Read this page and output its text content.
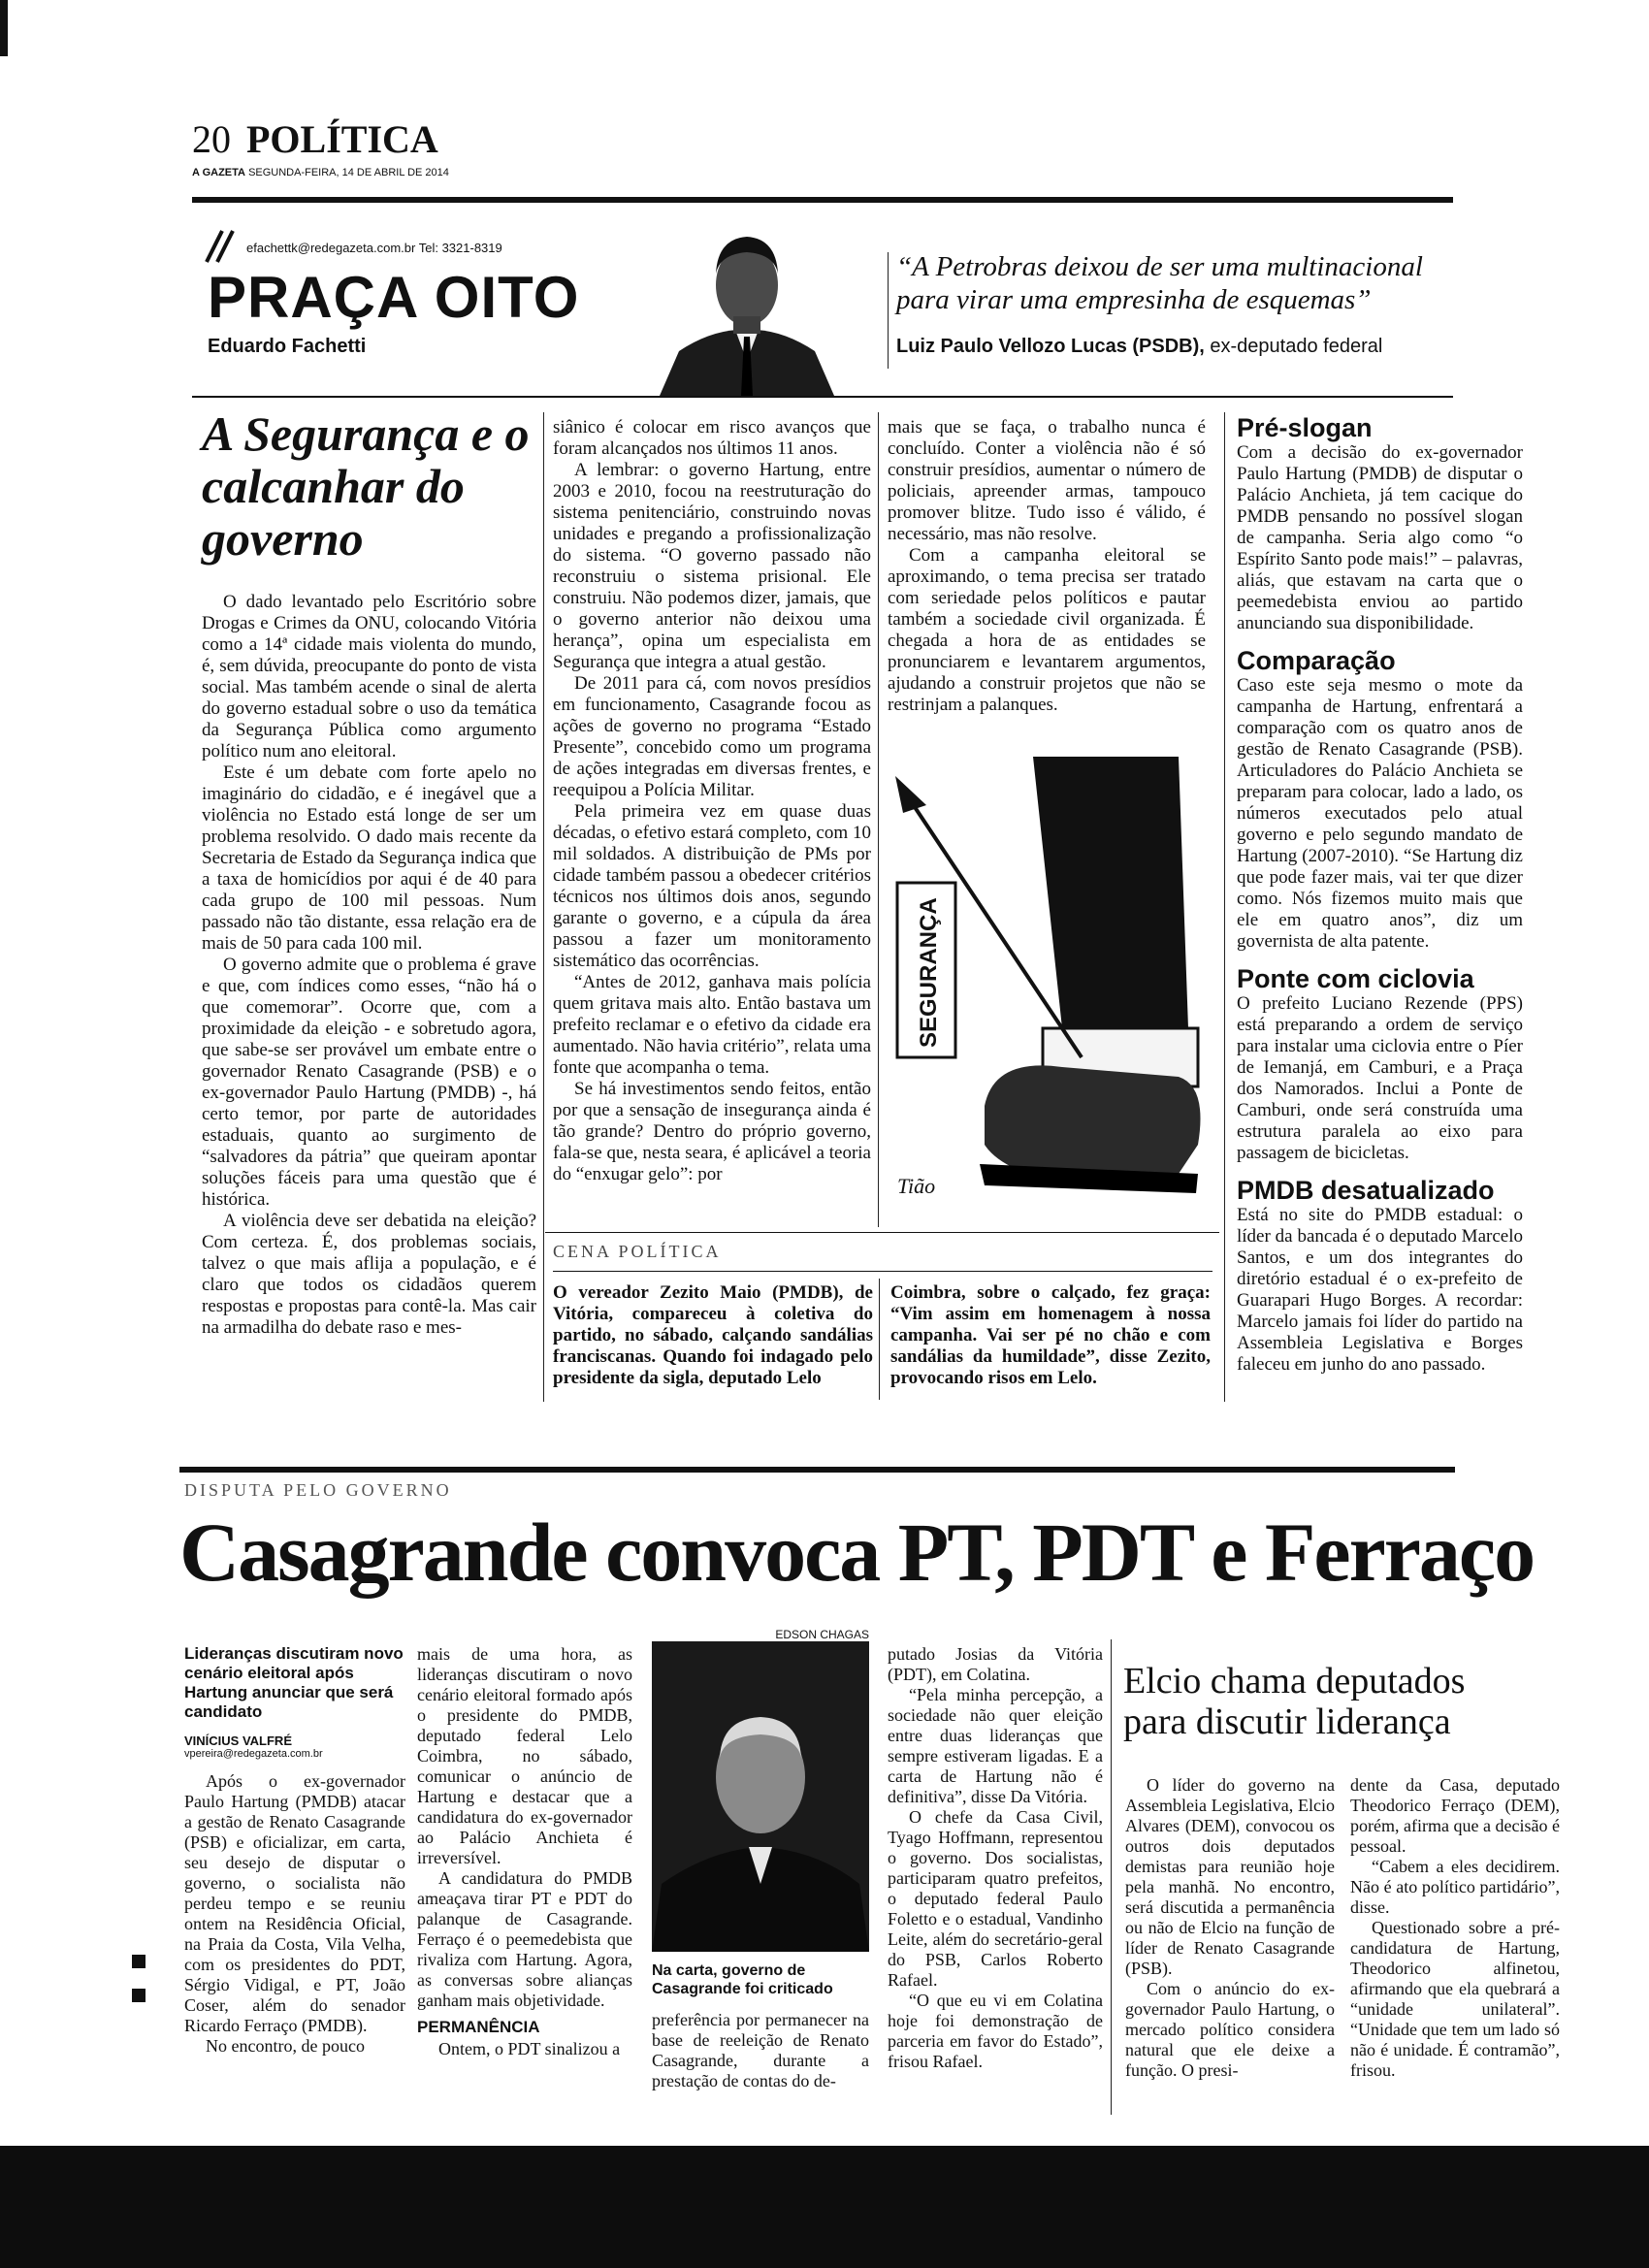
20 POLÍTICA
A GAZETA SEGUNDA-FEIRA, 14 DE ABRIL DE 2014
efachettk@redegazeta.com.br Tel: 3321-8319
PRAÇA OITO
Eduardo Fachetti
“A Petrobras deixou de ser uma multinacional para virar uma empresinha de esquemas”
Luiz Paulo Vellozo Lucas (PSDB), ex-deputado federal
A Segurança e o calcanhar do governo

O dado levantado pelo Escritório sobre Drogas e Crimes da ONU, colocando Vitória como a 14ª cidade mais violenta do mundo, é, sem dúvida, preocupante do ponto de vista social. Mas também acende o sinal de alerta do governo estadual sobre o uso da temática da Segurança Pública como argumento político num ano eleitoral.

Este é um debate com forte apelo no imaginário do cidadão, e é inegável que a violência no Estado está longe de ser um problema resolvido. O dado mais recente da Secretaria de Estado da Segurança indica que a taxa de homicídios por aqui é de 40 para cada grupo de 100 mil pessoas. Num passado não tão distante, essa relação era de mais de 50 para cada 100 mil.

O governo admite que o problema é grave e que, com índices como esses, “não há o que comemorar”. Ocorre que, com a proximidade da eleição - e sobretudo agora, que sabe-se ser provável um embate entre o governador Renato Casagrande (PSB) e o ex-governador Paulo Hartung (PMDB) -, há certo temor, por parte de autoridades estaduais, quanto ao surgimento de “salvadores da pátria” que queiram apontar soluções fáceis para uma questão que é histórica.

A violência deve ser debatida na eleição? Com certeza. É, dos problemas sociais, talvez o que mais aflija a população, e é claro que todos os cidadãos querem respostas e propostas para contê-la. Mas cair na armadilha do debate raso e mes-

siânico é colocar em risco avanços que foram alcançados nos últimos 11 anos.

A lembrar: o governo Hartung, entre 2003 e 2010, focou na reestruturação do sistema penitenciário, construindo novas unidades e pregando a profissionalização do sistema. “O governo passado não reconstruiu o sistema prisional. Ele construiu. Não podemos dizer, jamais, que o governo anterior não deixou uma herança”, opina um especialista em Segurança que integra a atual gestão.

De 2011 para cá, com novos presídios em funcionamento, Casagrande focou as ações de governo no programa “Estado Presente”, concebido como um programa de ações integradas em diversas frentes, e reequipou a Polícia Militar.

Pela primeira vez em quase duas décadas, o efetivo estará completo, com 10 mil soldados. A distribuição de PMs por cidade também passou a obedecer critérios técnicos nos últimos dois anos, segundo garante o governo, e a cúpula da área passou a fazer um monitoramento sistemático das ocorrências.

“Antes de 2012, ganhava mais polícia quem gritava mais alto. Então bastava um prefeito reclamar e o efetivo da cidade era aumentado. Não havia critério”, relata uma fonte que acompanha o tema.

Se há investimentos sendo feitos, então por que a sensação de insegurança ainda é tão grande? Dentro do próprio governo, fala-se que, nesta seara, é aplicável a teoria do “enxugar gelo”: por

mais que se faça, o trabalho nunca é concluído. Conter a violência não é só construir presídios, aumentar o número de policiais, apreender armas, tampouco promover blitze. Tudo isso é válido, é necessário, mas não resolve.

Com a campanha eleitoral se aproximando, o tema precisa ser tratado com seriedade pelos políticos e pautar também a sociedade civil organizada. É chegada a hora de as entidades se pronunciarem e levantarem argumentos, ajudando a construir projetos que não se restrinjam a palanques.

SEGURANÇA
Tião

Pré-slogan

Com a decisão do ex-governador Paulo Hartung (PMDB) de disputar o Palácio Anchieta, já tem cacique do PMDB pensando no possível slogan de campanha. Seria algo como “o Espírito Santo pode mais!” – palavras, aliás, que estavam na carta que o peemedebista enviou ao partido anunciando sua disponibilidade.

Comparação

Caso este seja mesmo o mote da campanha de Hartung, enfrentará a comparação com os quatro anos de gestão de Renato Casagrande (PSB). Articuladores do Palácio Anchieta se preparam para colocar, lado a lado, os números executados pelo atual governo e pelo segundo mandato de Hartung (2007-2010). “Se Hartung diz que pode fazer mais, vai ter que dizer como. Nós fizemos muito mais que ele em quatro anos”, diz um governista de alta patente.

Ponte com ciclovia

O prefeito Luciano Rezende (PPS) está preparando a ordem de serviço para instalar uma ciclovia entre o Píer de Iemanjá, em Camburi, e a Praça dos Namorados. Inclui a Ponte de Camburi, onde será construída uma estrutura paralela ao eixo para passagem de bicicletas.

PMDB desatualizado

Está no site do PMDB estadual: o líder da bancada é o deputado Marcelo Santos, e um dos integrantes do diretório estadual é o ex-prefeito de Guarapari Hugo Borges. A recordar: Marcelo jamais foi líder do partido na Assembleia Legislativa e Borges faleceu em junho do ano passado.

CENA POLÍTICA
O vereador Zezito Maio (PMDB), de Vitória, compareceu à coletiva do partido, no sábado, calçando sandálias franciscanas. Quando foi indagado pelo presidente da sigla, deputado Lelo
Coimbra, sobre o calçado, fez graça: “Vim assim em homenagem à nossa campanha. Vai ser pé no chão e com sandálias da humildade”, disse Zezito, provocando risos em Lelo.
DISPUTA PELO GOVERNO
Casagrande convoca PT, PDT e Ferraço
Lideranças discutiram novo cenário eleitoral após Hartung anunciar que será candidato
VINÍCIUS VALFRÉ
vpereira@redegazeta.com.br

Após o ex-governador Paulo Hartung (PMDB) atacar a gestão de Renato Casagrande (PSB) e oficializar, em carta, seu desejo de disputar o governo, o socialista não perdeu tempo e se reuniu ontem na Residência Oficial, na Praia da Costa, Vila Velha, com os presidentes do PDT, Sérgio Vidigal, e PT, João Coser, além do senador Ricardo Ferraço (PMDB).

No encontro, de pouco

mais de uma hora, as lideranças discutiram o novo cenário eleitoral formado após o presidente do PMDB, deputado federal Lelo Coimbra, no sábado, comunicar o anúncio de Hartung e destacar que a candidatura do ex-governador ao Palácio Anchieta é irreversível.

A candidatura do PMDB ameaçava tirar PT e PDT do palanque de Casagrande. Ferraço é o peemedebista que rivaliza com Hartung. Agora, as conversas sobre alianças ganham mais objetividade.

PERMANÊNCIA

Ontem, o PDT sinalizou a

EDSON CHAGAS
Na carta, governo de Casagrande foi criticado

preferência por permanecer na base de reeleição de Renato Casagrande, durante a prestação de contas do de-

putado Josias da Vitória (PDT), em Colatina.

“Pela minha percepção, a sociedade não quer eleição entre duas lideranças que sempre estiveram ligadas. E a carta de Hartung não é definitiva”, disse Da Vitória.

O chefe da Casa Civil, Tyago Hoffmann, representou o governo. Dos socialistas, participaram quatro prefeitos, o deputado federal Paulo Foletto e o estadual, Vandinho Leite, além do secretário-geral do PSB, Carlos Roberto Rafael.

“O que eu vi em Colatina hoje foi demonstração de parceria em favor do Estado”, frisou Rafael.

Elcio chama deputados para discutir liderança

O líder do governo na Assembleia Legislativa, Elcio Alvares (DEM), convocou os outros dois deputados demistas para reunião hoje pela manhã. No encontro, será discutida a permanência ou não de Elcio na função de líder de Renato Casagrande (PSB).

Com o anúncio do ex-governador Paulo Hartung, o mercado político considera natural que ele deixe a função. O presi-

dente da Casa, deputado Theodorico Ferraço (DEM), porém, afirma que a decisão é pessoal.

“Cabem a eles decidirem. Não é ato político partidário”, disse.

Questionado sobre a pré-candidatura de Hartung, Theodorico alfinetou, afirmando que ela quebrará a “unidade unilateral”. “Unidade que tem um lado só não é unidade. É contramão”, frisou.
